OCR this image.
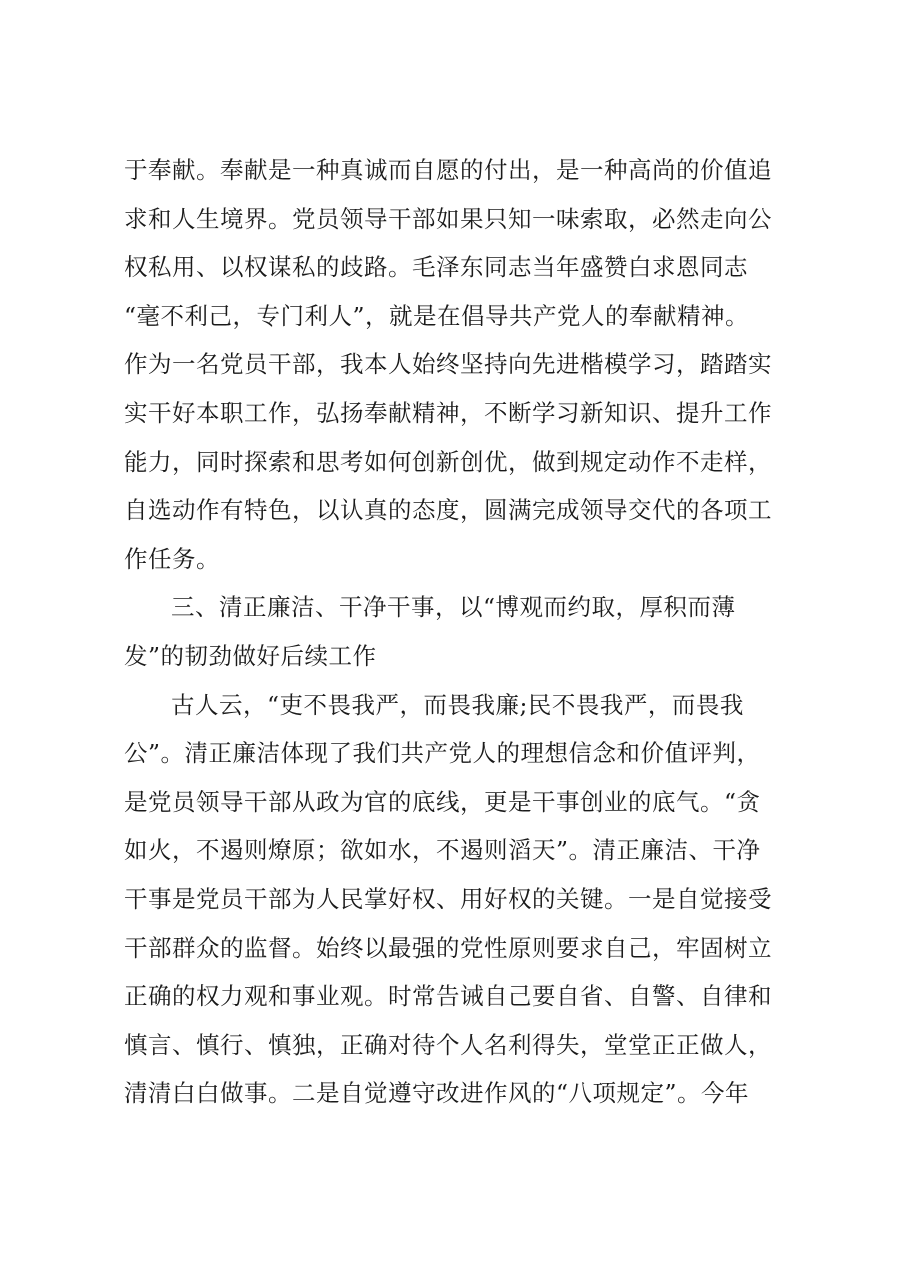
于奉献。奉献是一种真诚而自愿的付出，是一种高尚的价值追
求和人生境界。党员领导干部如果只知一味索取，必然走向公
权私用、以权谋私的歧路。毛泽东同志当年盛赞白求恩同志
“毫不利己，专门利人”，就是在倡导共产党人的奉献精神。
作为一名党员干部，我本人始终坚持向先进楷模学习，踏踏实
实干好本职工作，弘扬奉献精神，不断学习新知识、提升工作
能力，同时探索和思考如何创新创优，做到规定动作不走样，
自选动作有特色，以认真的态度，圆满完成领导交代的各项工
作任务。
三、清正廉洁、干净干事，以“博观而约取，厚积而薄
发”的韧劲做好后续工作
古人云，“吏不畏我严，而畏我廉;民不畏我严，而畏我
公”。清正廉洁体现了我们共产党人的理想信念和价值评判，
是党员领导干部从政为官的底线，更是干事创业的底气。“贪
如火，不遏则燎原；欲如水，不遏则滔天”。清正廉洁、干净
干事是党员干部为人民掌好权、用好权的关键。一是自觉接受
干部群众的监督。始终以最强的党性原则要求自己，牢固树立
正确的权力观和事业观。时常告诫自己要自省、自警、自律和
慎言、慎行、慎独，正确对待个人名利得失，堂堂正正做人，
清清白白做事。二是自觉遵守改进作风的“八项规定”。今年
